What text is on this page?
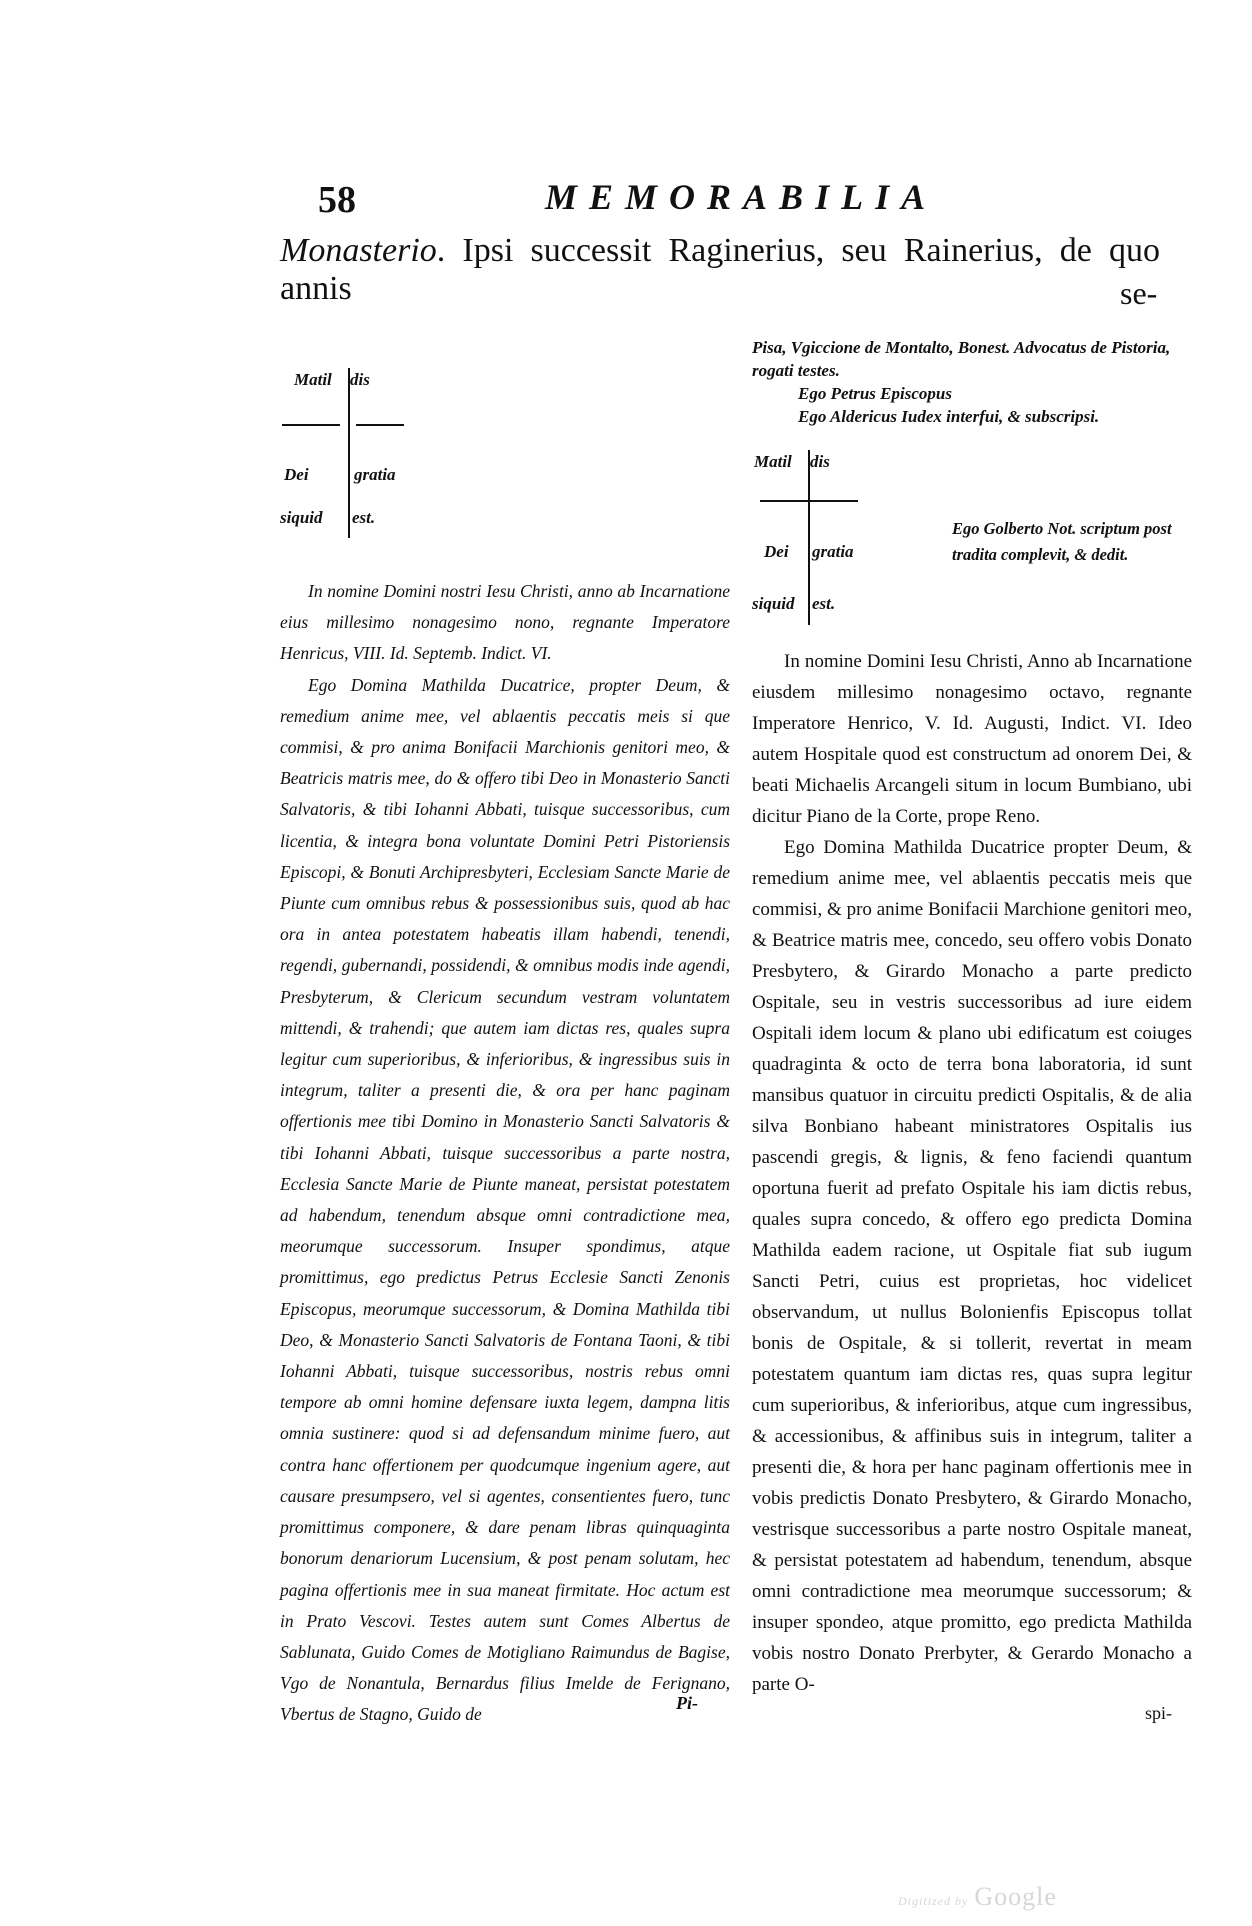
58	MEMORABILIA
Monasterio. Ipsi successit Raginerius, seu Rainerius, de quo annis	se-
Matil dis
Dei	gratia
siquid est.

In nomine Domini nostri Iesu Christi, anno ab Incarnatione eius millesimo nonagesimo nono, regnante Imperatore Henricus, VIII. Id. Septemb. Indict. VI.

Ego Domina Mathilda Ducatrice, propter Deum, & remedium anime mee, vel ablaentis peccatis meis si que commisi, & pro anima Bonifacii Marchionis genitori meo, & Beatricis matris mee, do & offero tibi Deo in Monasterio Sancti Salvatoris, & tibi Iohanni Abbati, tuisque successoribus, cum licentia, & integra bona voluntate Domini Petri Pistoriensis Episcopi, & Bonuti Archipresbyteri, Ecclesiam Sancte Marie de Piunte cum omnibus rebus & possessionibus suis, quod ab hac ora in antea potestatem habeatis illam habendi, tenendi, regendi, gubernandi, possidendi, & omnibus modis inde agendi, Presbyterum, & Clericum secundum vestram voluntatem mittendi, & trahendi; que autem iam dictas res, quales supra legitur cum superioribus, & inferioribus, & ingressibus suis in integrum, taliter a presenti die, & ora per hanc paginam offertionis mee tibi Domino in Monasterio Sancti Salvatoris & tibi Iohanni Abbati, tuisque successoribus a parte nostra, Ecclesia Sancte Marie de Piunte maneat, persistat potestatem ad habendum, tenendum absque omni contradictione mea, meorumque successorum. Insuper spondimus, atque promittimus, ego predictus Petrus Ecclesie Sancti Zenonis Episcopus, meorumque successorum, & Domina Mathilda tibi Deo, & Monasterio Sancti Salvatoris de Fontana Taoni, & tibi Iohanni Abbati, tuisque successoribus, nostris rebus omni tempore ab omni homine defensare iuxta legem, dampna litis omnia sustinere: quod si ad defensandum minime fuero, aut contra hanc offertionem per quodcumque ingenium agere, aut causare presumpsero, vel si agentes, consentientes fuero, tunc promittimus componere, & dare penam libras quinquaginta bonorum denariorum Lucensium, & post penam solutam, hec pagina offertionis mee in sua maneat firmitate. Hoc actum est in Prato Vescovi. Testes autem sunt Comes Albertus de Sablunata, Guido Comes de Motigliano Raimundus de Bagise, Vgo de Nonantula, Bernardus filius Imelde de Ferignano, Vbertus de Stagno, Guido de

Pi-

Pisa, Vgiccione de Montalto, Bonest. Advocatus de Pistoria, rogati testes.

Ego Petrus Episcopus

Ego Aldericus Iudex interfui, & subscripsi.

Matil dis
Dei gratia
siquid est.
Ego Golberto Not. scriptum post tradita complevit, & dedit.

In nomine Domini Iesu Christi, Anno ab Incarnatione eiusdem millesimo nonagesimo octavo, regnante Imperatore Henrico, V. Id. Augusti, Indict. VI. Ideo autem Hospitale quod est constructum ad onorem Dei, & beati Michaelis Arcangeli situm in locum Bumbiano, ubi dicitur Piano de la Corte, prope Reno.

Ego Domina Mathilda Ducatrice propter Deum, & remedium anime mee, vel ablaentis peccatis meis que commisi, & pro anime Bonifacii Marchione genitori meo, & Beatrice matris mee, concedo, seu offero vobis Donato Presbytero, & Girardo Monacho a parte predicto Ospitale, seu in vestris successoribus ad iure eidem Ospitali idem locum & plano ubi edificatum est coiuges quadraginta & octo de terra bona laboratoria, id sunt mansibus quatuor in circuitu predicti Ospitalis, & de alia silva Bonbiano habeant ministratores Ospitalis ius pascendi gregis, & lignis, & feno faciendi quantum oportuna fuerit ad prefato Ospitale his iam dictis rebus, quales supra concedo, & offero ego predicta Domina Mathilda eadem racione, ut Ospitale fiat sub iugum Sancti Petri, cuius est proprietas, hoc videlicet observandum, ut nullus Bolonienfis Episcopus tollat bonis de Ospitale, & si tollerit, revertat in meam potestatem quantum iam dictas res, quas supra legitur cum superioribus, & inferioribus, atque cum ingressibus, & accessionibus, & affinibus suis in integrum, taliter a presenti die, & hora per hanc paginam offertionis mee in vobis predictis Donato Presbytero, & Girardo Monacho, vestrisque successoribus a parte nostro Ospitale maneat, & persistat potestatem ad habendum, tenendum, absque omni contradictione mea meorumque successorum; & insuper spondeo, atque promitto, ego predicta Mathilda vobis nostro Donato Prerbyter, & Gerardo Monacho a parte O-

spi-
Digitized by Google
